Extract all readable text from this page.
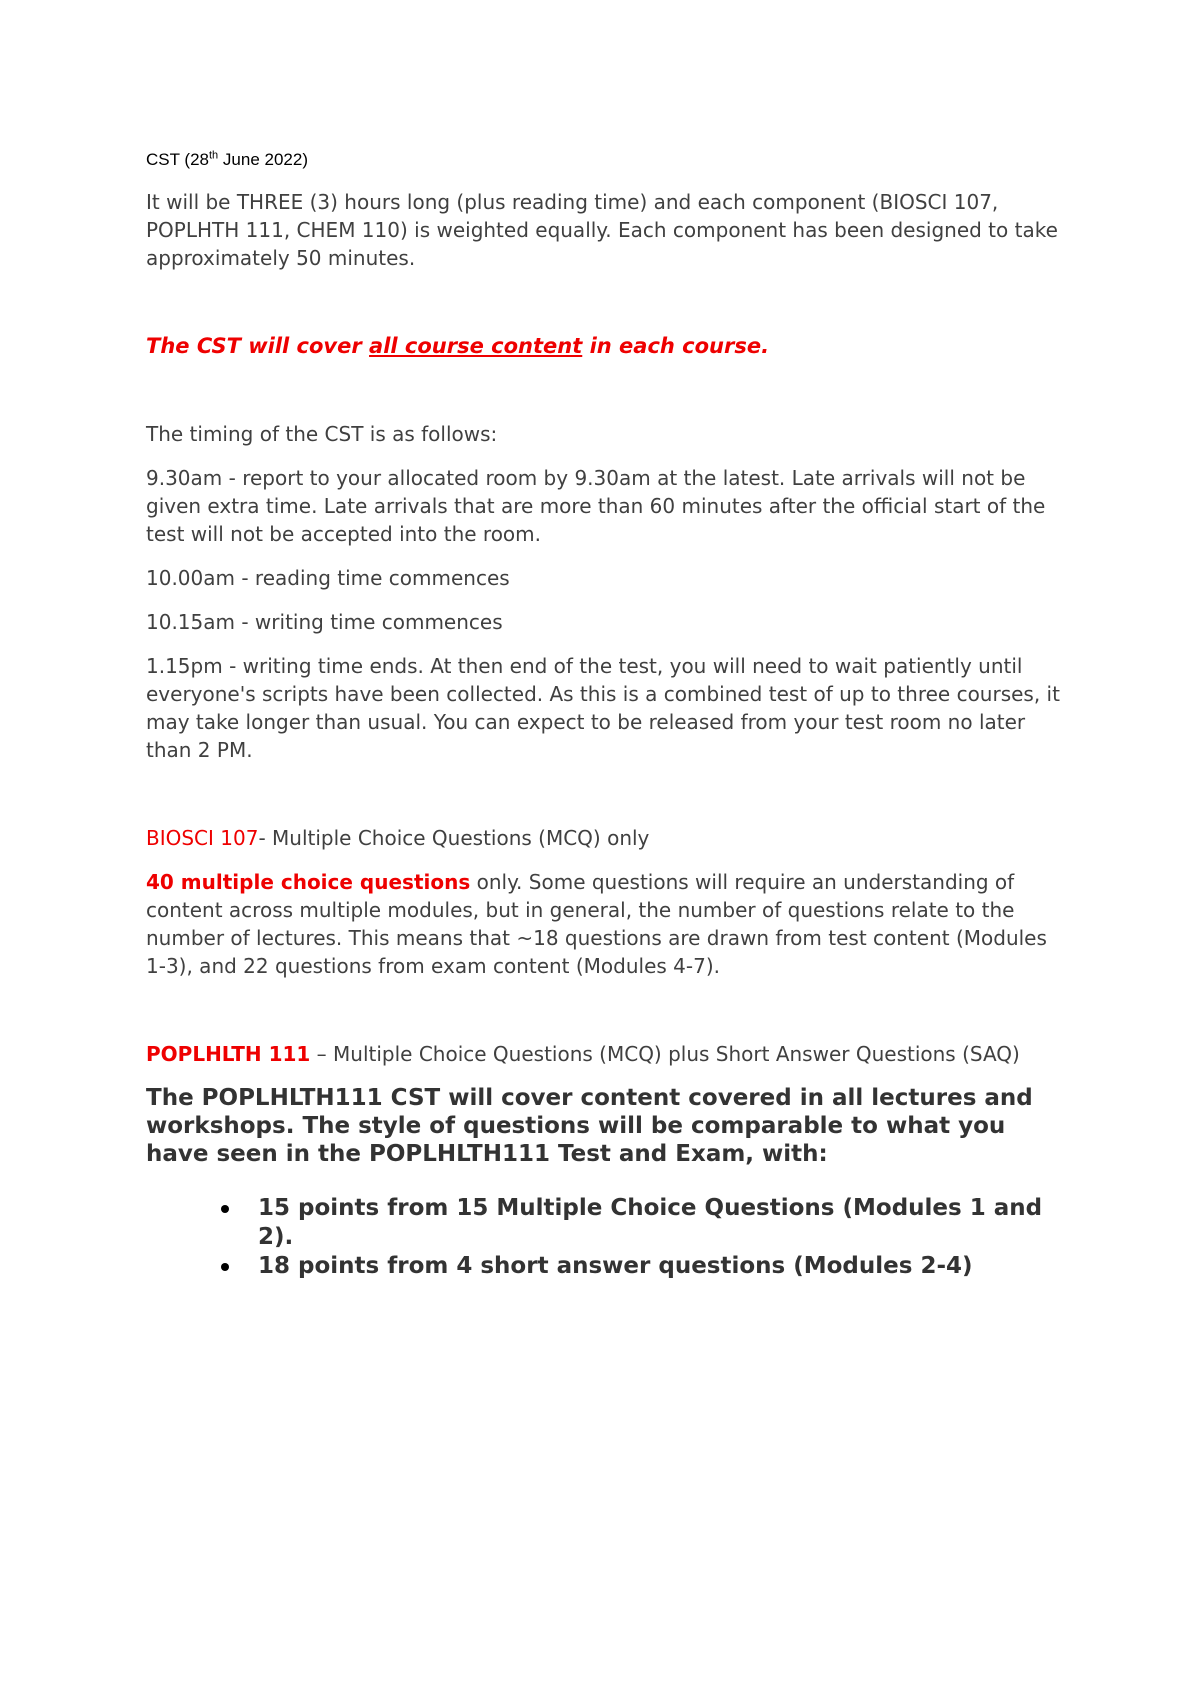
CST (28th June 2022)

It will be THREE (3) hours long (plus reading time) and each component (BIOSCI 107, POPLHTH 111, CHEM 110) is weighted equally. Each component has been designed to take approximately 50 minutes.

The CST will cover all course content in each course.

The timing of the CST is as follows:

9.30am - report to your allocated room by 9.30am at the latest. Late arrivals will not be given extra time. Late arrivals that are more than 60 minutes after the official start of the test will not be accepted into the room.

10.00am - reading time commences

10.15am - writing time commences

1.15pm - writing time ends. At then end of the test, you will need to wait patiently until everyone's scripts have been collected. As this is a combined test of up to three courses, it may take longer than usual. You can expect to be released from your test room no later than 2 PM.

BIOSCI 107- Multiple Choice Questions (MCQ) only

40 multiple choice questions only. Some questions will require an understanding of content across multiple modules, but in general, the number of questions relate to the number of lectures. This means that ~18 questions are drawn from test content (Modules 1-3), and 22 questions from exam content (Modules 4-7).

POPLHLTH 111 – Multiple Choice Questions (MCQ) plus Short Answer Questions (SAQ)

The POPLHLTH111 CST will cover content covered in all lectures and workshops. The style of questions will be comparable to what you have seen in the POPLHLTH111 Test and Exam, with:

15 points from 15 Multiple Choice Questions (Modules 1 and 2).
18 points from 4 short answer questions (Modules 2-4)
